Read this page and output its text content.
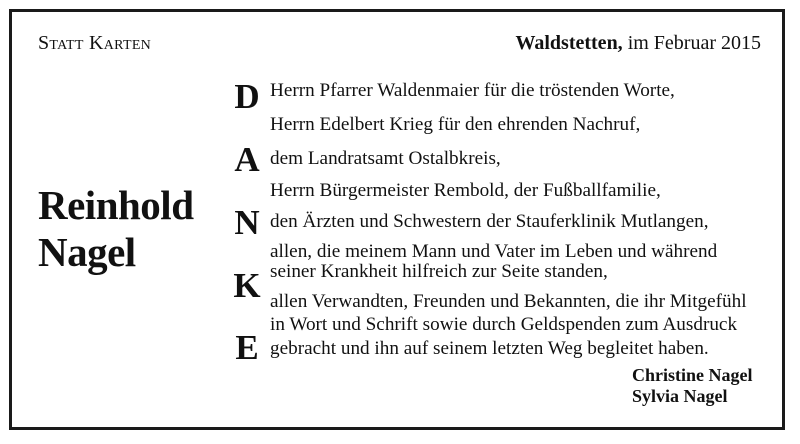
Statt Karten	Waldstetten, im Februar 2015
Reinhold
Nagel
D
A
N
K
E
Herrn Pfarrer Waldenmaier für die tröstenden Worte,
Herrn Edelbert Krieg für den ehrenden Nachruf,
dem Landratsamt Ostalbkreis,
Herrn Bürgermeister Rembold, der Fußballfamilie,
den Ärzten und Schwestern der Stauferklinik Mutlangen,
allen, die meinem Mann und Vater im Leben und während
seiner Krankheit hilfreich zur Seite standen,
allen Verwandten, Freunden und Bekannten, die ihr Mitgefühl
in Wort und Schrift sowie durch Geldspenden zum Ausdruck
gebracht und ihn auf seinem letzten Weg begleitet haben.
Christine Nagel
Sylvia Nagel
